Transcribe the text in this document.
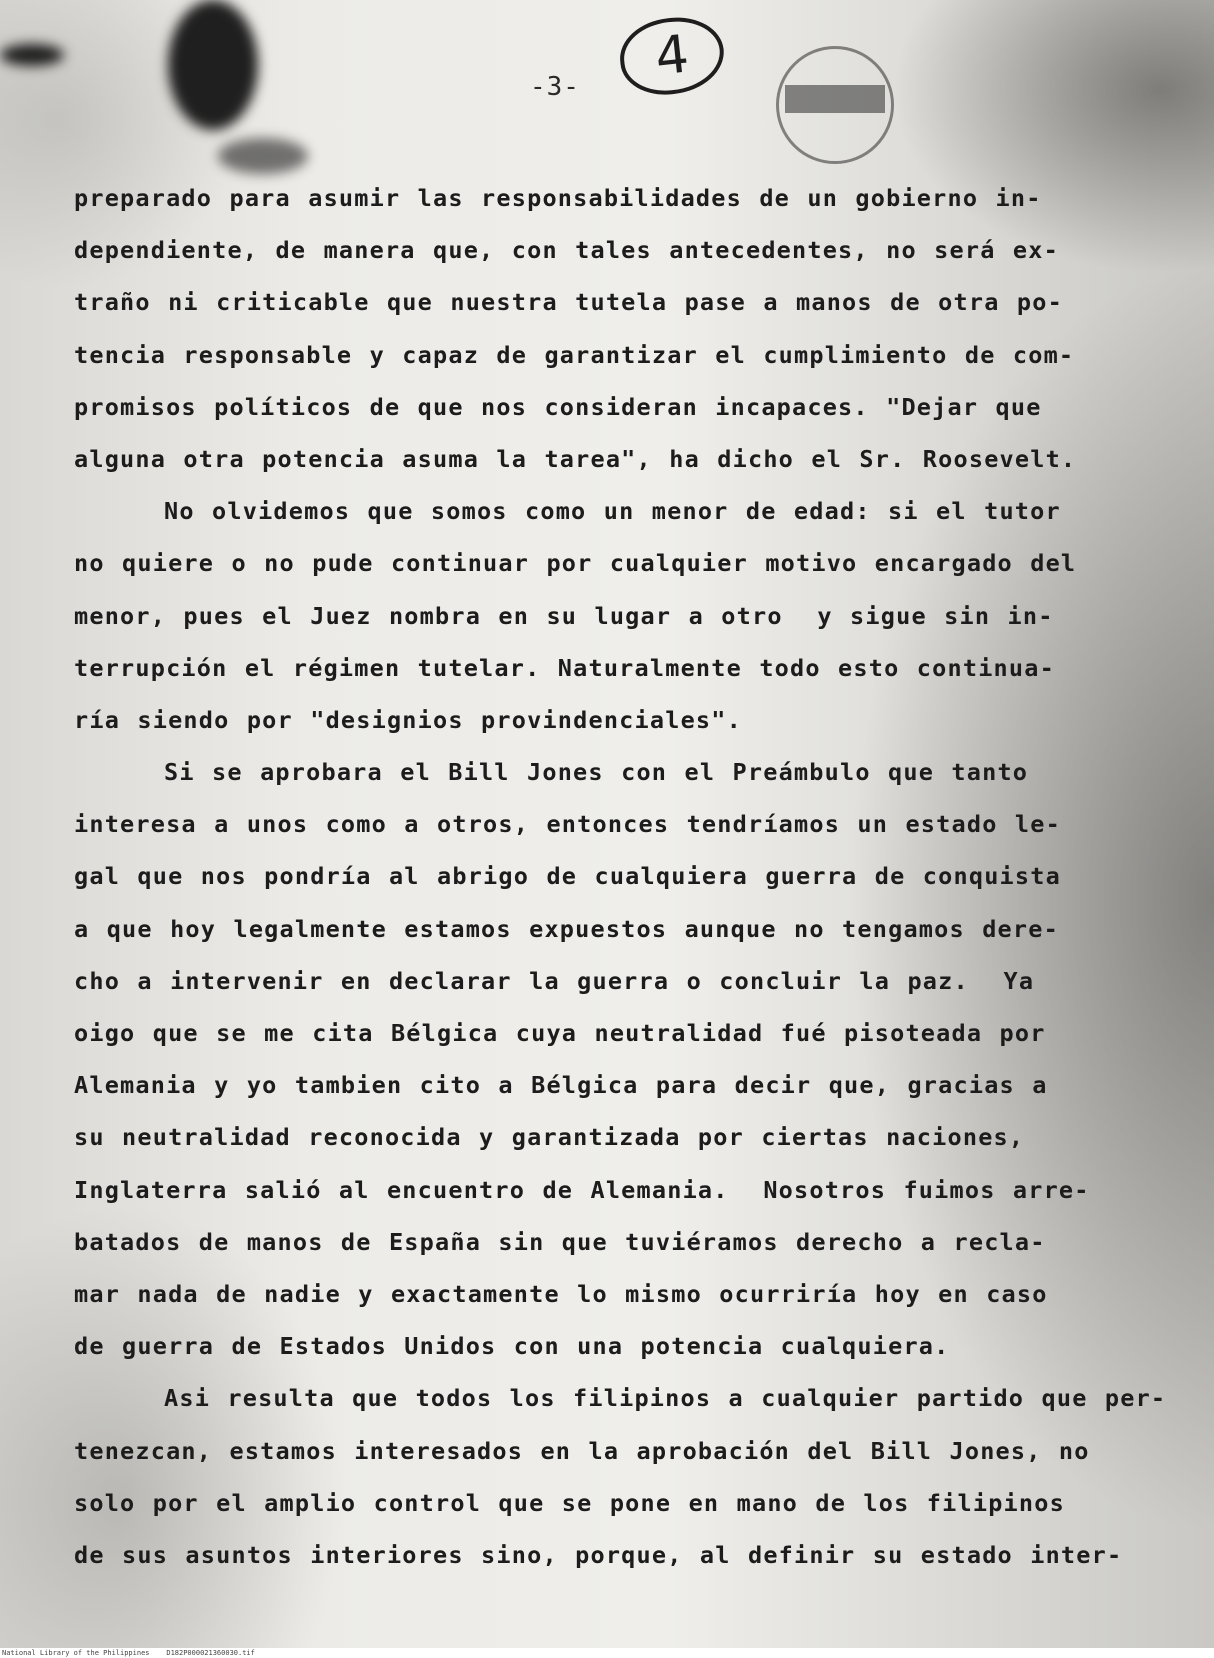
-3-	4
preparado para asumir las responsabilidades de un gobierno in-
dependiente, de manera que, con tales antecedentes, no será ex-
traño ni criticable que nuestra tutela pase a manos de otra po-
tencia responsable y capaz de garantizar el cumplimiento de com-
promisos políticos de que nos consideran incapaces. "Dejar que
alguna otra potencia asuma la tarea", ha dicho el Sr. Roosevelt.
No olvidemos que somos como un menor de edad: si el tutor
no quiere o no pude continuar por cualquier motivo encargado del
menor, pues el Juez nombra en su lugar a otro  y sigue sin in-
terrupción el régimen tutelar. Naturalmente todo esto continua-
ría siendo por "designios provindenciales".
Si se aprobara el Bill Jones con el Preámbulo que tanto
interesa a unos como a otros, entonces tendríamos un estado le-
gal que nos pondría al abrigo de cualquiera guerra de conquista
a que hoy legalmente estamos expuestos aunque no tengamos dere-
cho a intervenir en declarar la guerra o concluir la paz.  Ya
oigo que se me cita Bélgica cuya neutralidad fué pisoteada por
Alemania y yo tambien cito a Bélgica para decir que, gracias a
su neutralidad reconocida y garantizada por ciertas naciones,
Inglaterra salió al encuentro de Alemania.  Nosotros fuimos arre-
batados de manos de España sin que tuviéramos derecho a recla-
mar nada de nadie y exactamente lo mismo ocurriría hoy en caso
de guerra de Estados Unidos con una potencia cualquiera.
Asi resulta que todos los filipinos a cualquier partido que per-
tenezcan, estamos interesados en la aprobación del Bill Jones, no
solo por el amplio control que se pone en mano de los filipinos
de sus asuntos interiores sino, porque, al definir su estado inter-
National Library of the Philippines    D182P000021360030.tif
